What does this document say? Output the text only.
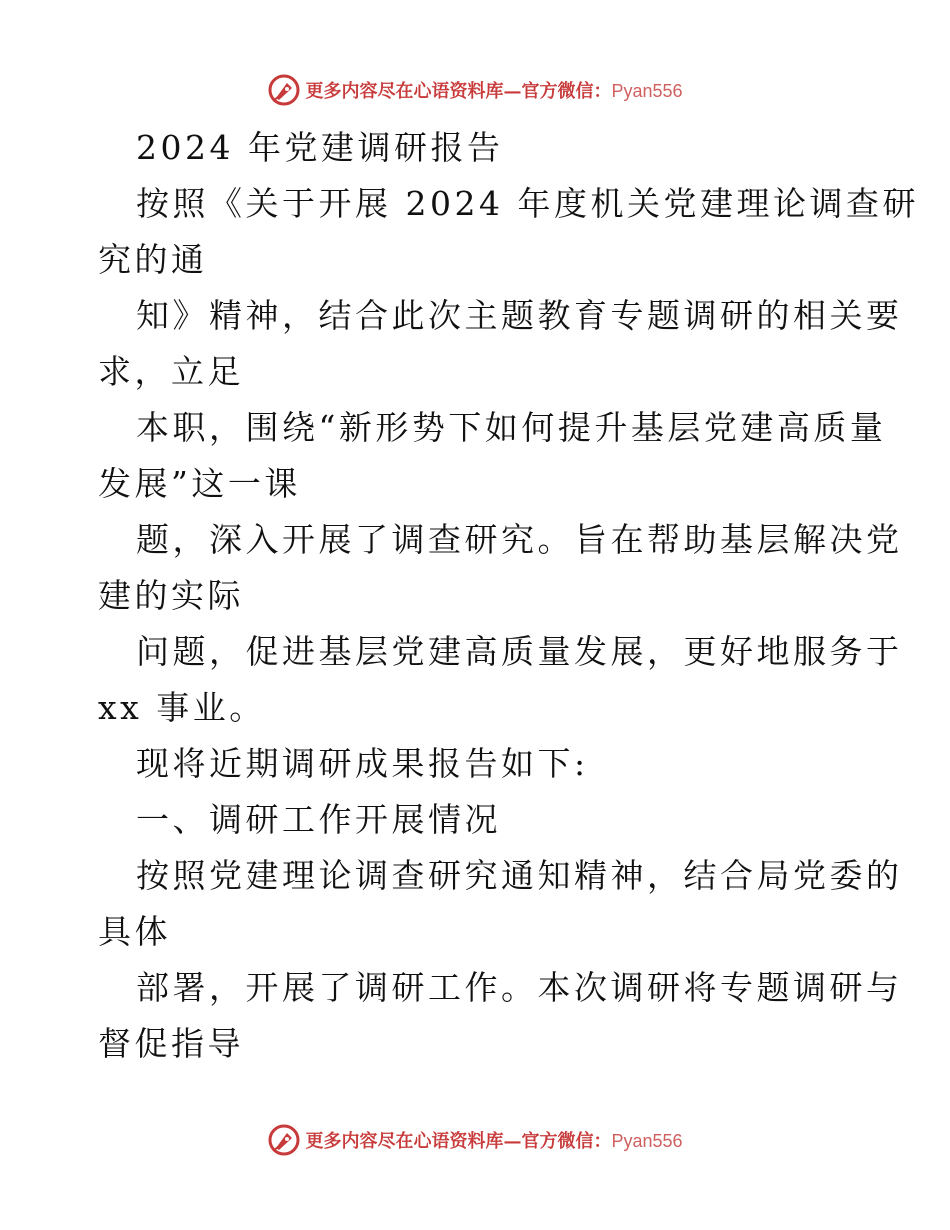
更多内容尽在心语资料库—官方微信：Pyan556
2024 年党建调研报告
按照《关于开展 2024 年度机关党建理论调查研
究的通
知》精神，结合此次主题教育专题调研的相关要
求，立足
本职，围绕“新形势下如何提升基层党建高质量
发展”这一课
题，深入开展了调查研究。旨在帮助基层解决党
建的实际
问题，促进基层党建高质量发展，更好地服务于
xx 事业。
现将近期调研成果报告如下:
一、调研工作开展情况
按照党建理论调查研究通知精神，结合局党委的
具体
部署，开展了调研工作。本次调研将专题调研与
督促指导
更多内容尽在心语资料库—官方微信：Pyan556
